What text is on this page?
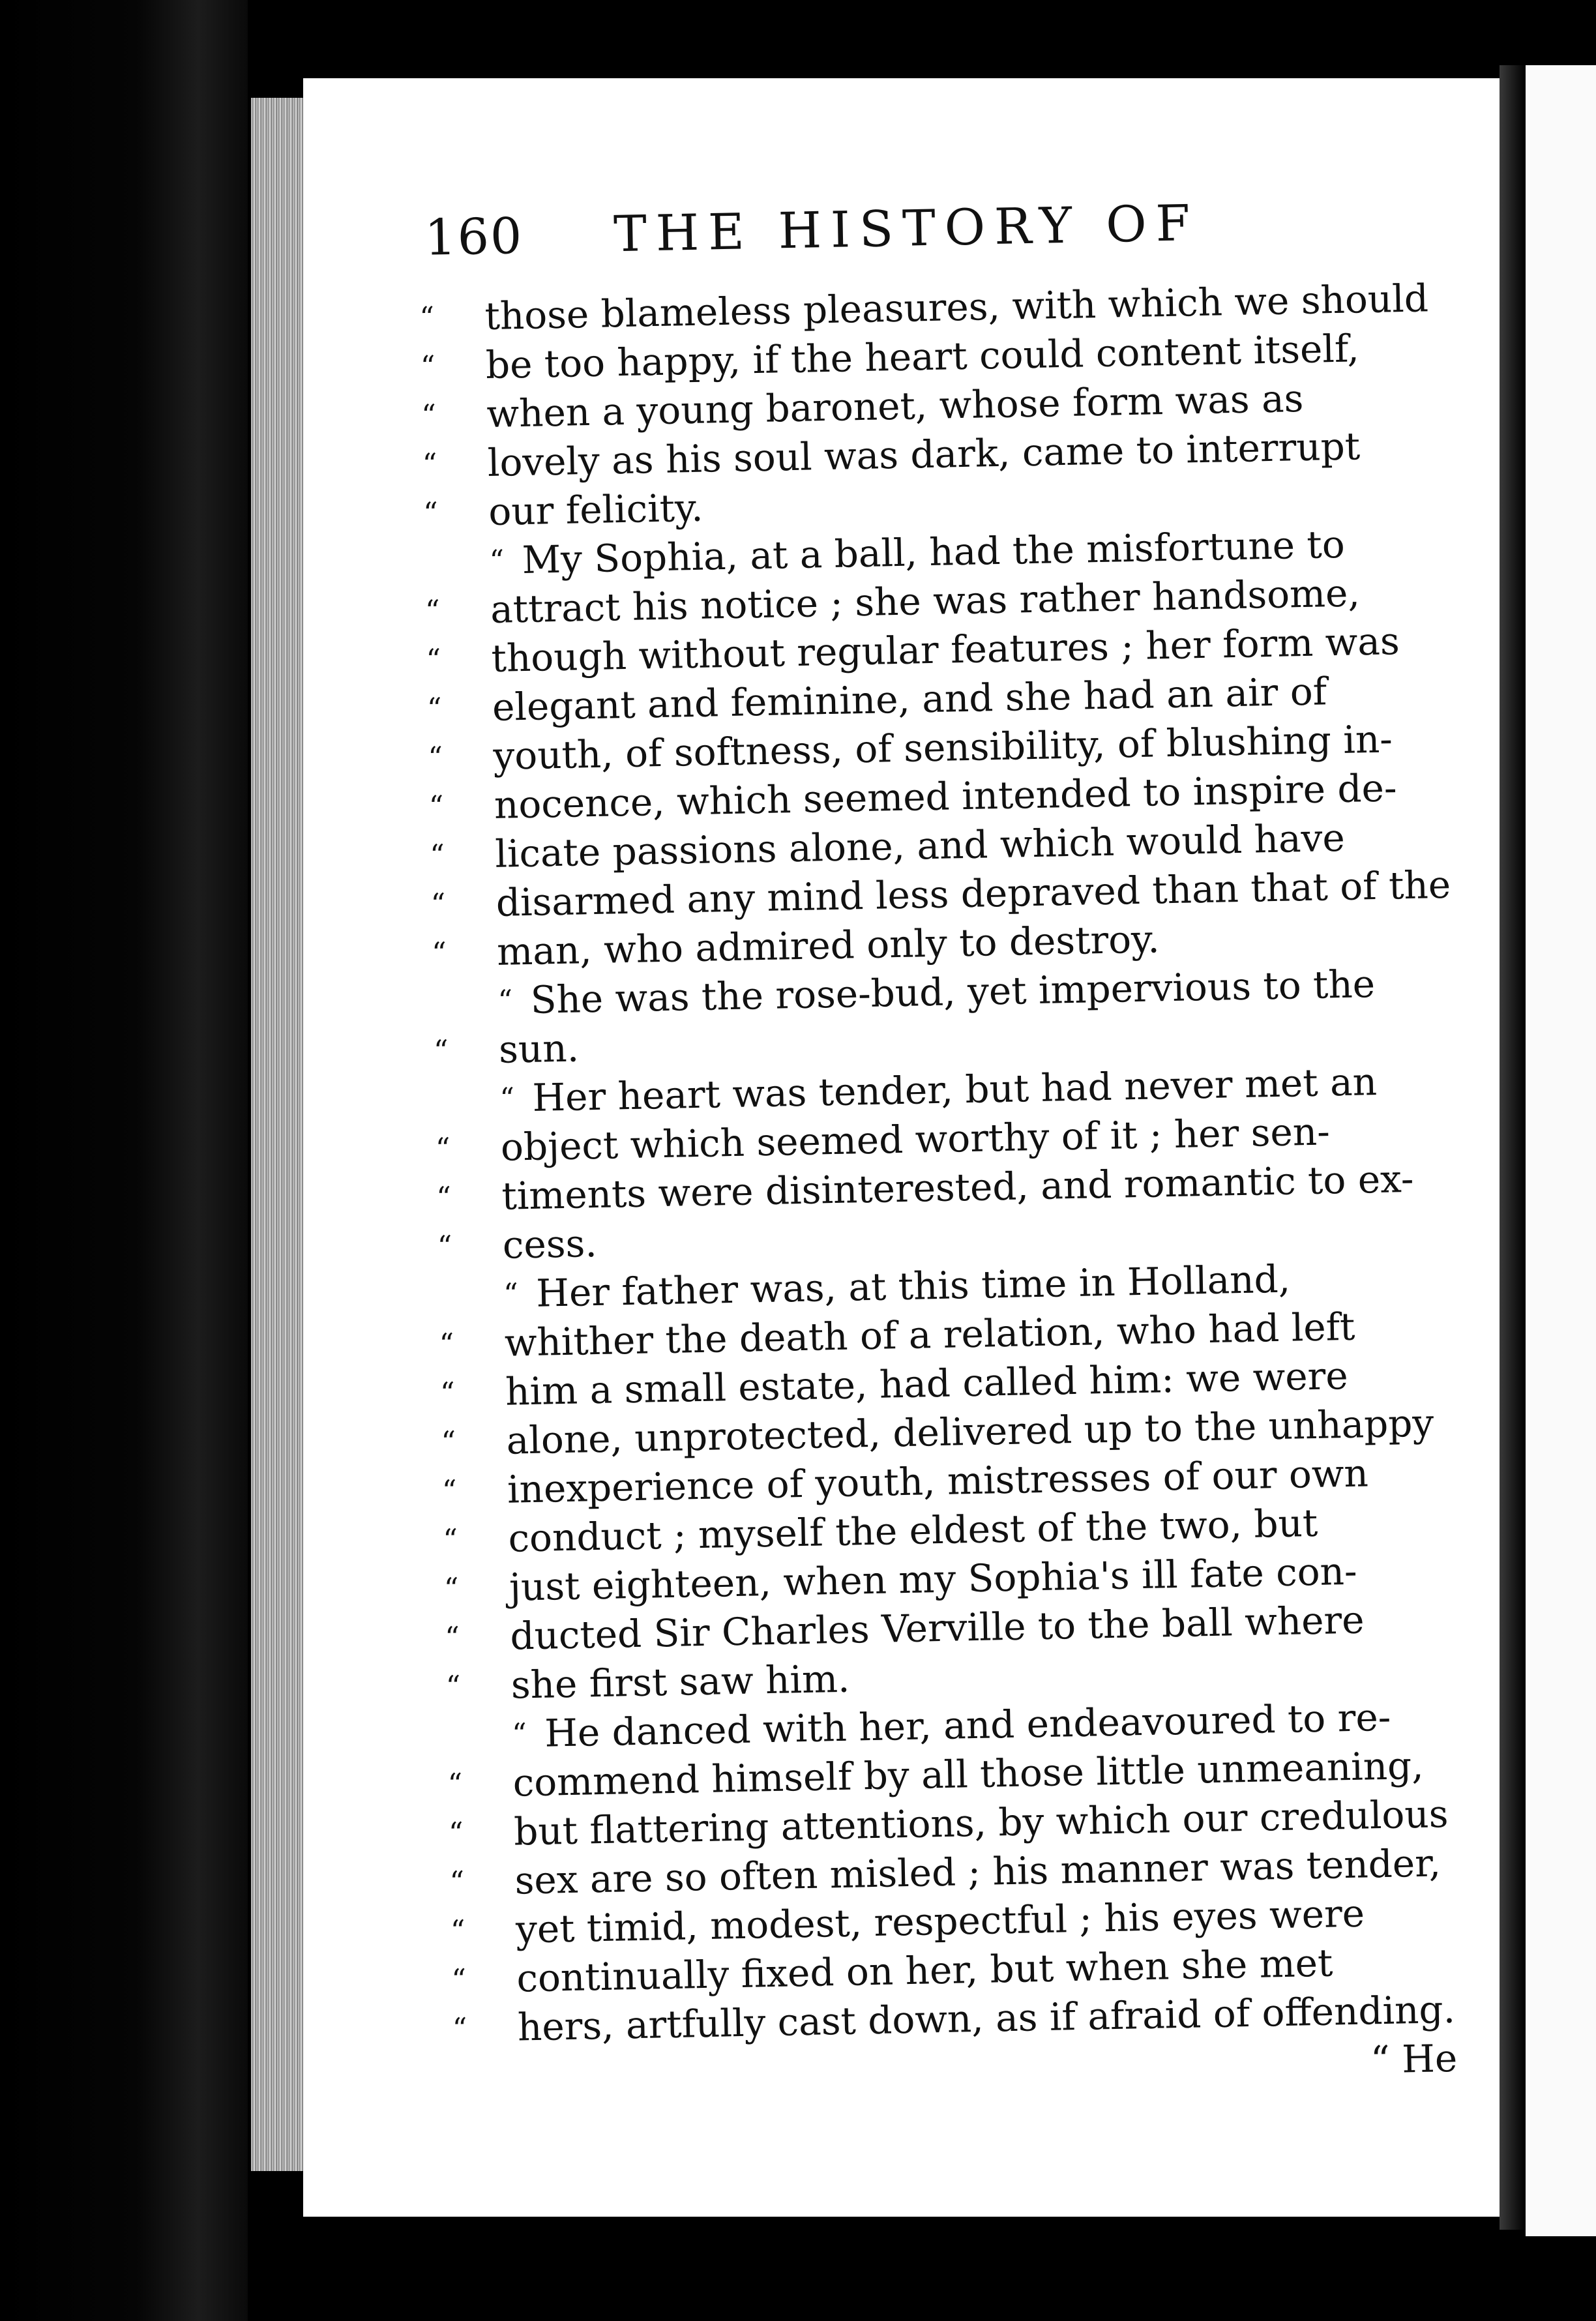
160 THE HISTORY OF
“ those blameless pleasures, with which we should
“ be too happy, if the heart could content itself,
“ when a young baronet, whose form was as
“ lovely as his soul was dark, came to interrupt
“ our felicity.
“ My Sophia, at a ball, had the misfortune to
“ attract his notice ; she was rather handsome,
“ though without regular features ; her form was
“ elegant and feminine, and she had an air of
“ youth, of softness, of sensibility, of blushing in-
“ nocence, which seemed intended to inspire de-
“ licate passions alone, and which would have
“ disarmed any mind less depraved than that of the
“ man, who admired only to destroy.
“ She was the rose-bud, yet impervious to the
“ sun.
“ Her heart was tender, but had never met an
“ object which seemed worthy of it ; her sen-
“ timents were disinterested, and romantic to ex-
“ cess.
“ Her father was, at this time in Holland,
“ whither the death of a relation, who had left
“ him a small estate, had called him: we were
“ alone, unprotected, delivered up to the unhappy
“ inexperience of youth, mistresses of our own
“ conduct ; myself the eldest of the two, but
“ just eighteen, when my Sophia's ill fate con-
“ ducted Sir Charles Verville to the ball where
“ she first saw him.
“ He danced with her, and endeavoured to re-
“ commend himself by all those little unmeaning,
“ but flattering attentions, by which our credulous
“ sex are so often misled ; his manner was tender,
“ yet timid, modest, respectful ; his eyes were
“ continually fixed on her, but when she met
“ hers, artfully cast down, as if afraid of offending.
“ He
